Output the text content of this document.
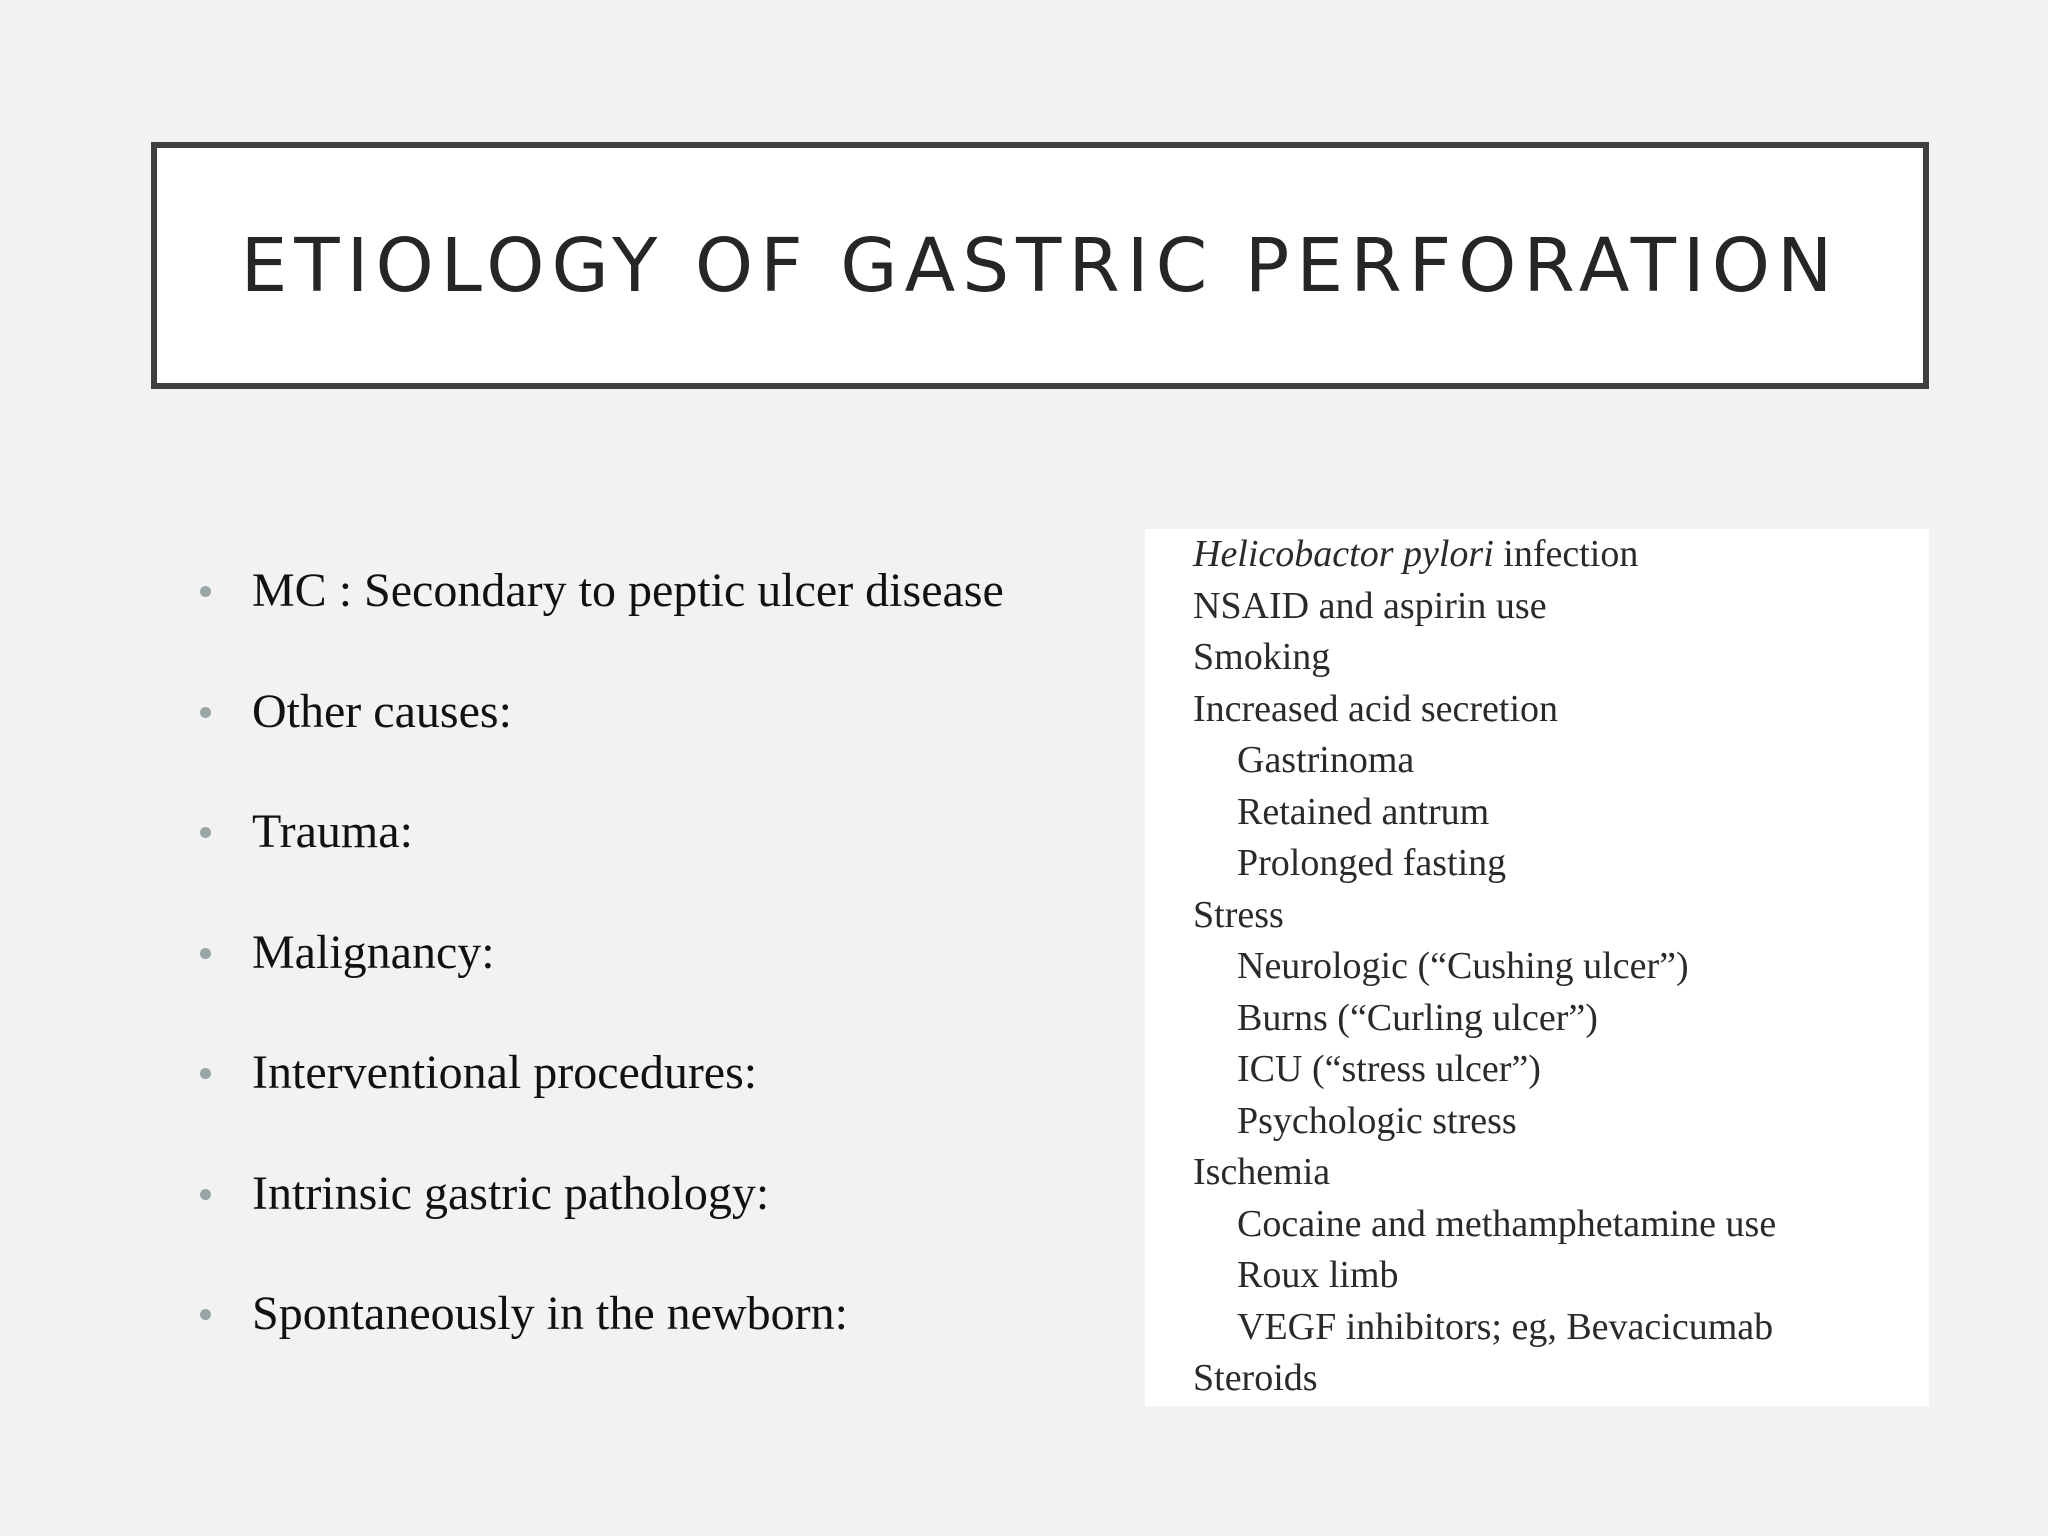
ETIOLOGY OF GASTRIC PERFORATION
MC : Secondary to peptic ulcer disease
Other causes:
Trauma:
Malignancy:
Interventional procedures:
Intrinsic gastric pathology:
Spontaneously in the newborn:
Helicobactor pylori infection
NSAID and aspirin use
Smoking
Increased acid secretion
Gastrinoma
Retained antrum
Prolonged fasting
Stress
Neurologic (“Cushing ulcer”)
Burns (“Curling ulcer”)
ICU (“stress ulcer”)
Psychologic stress
Ischemia
Cocaine and methamphetamine use
Roux limb
VEGF inhibitors; eg, Bevacicumab
Steroids
